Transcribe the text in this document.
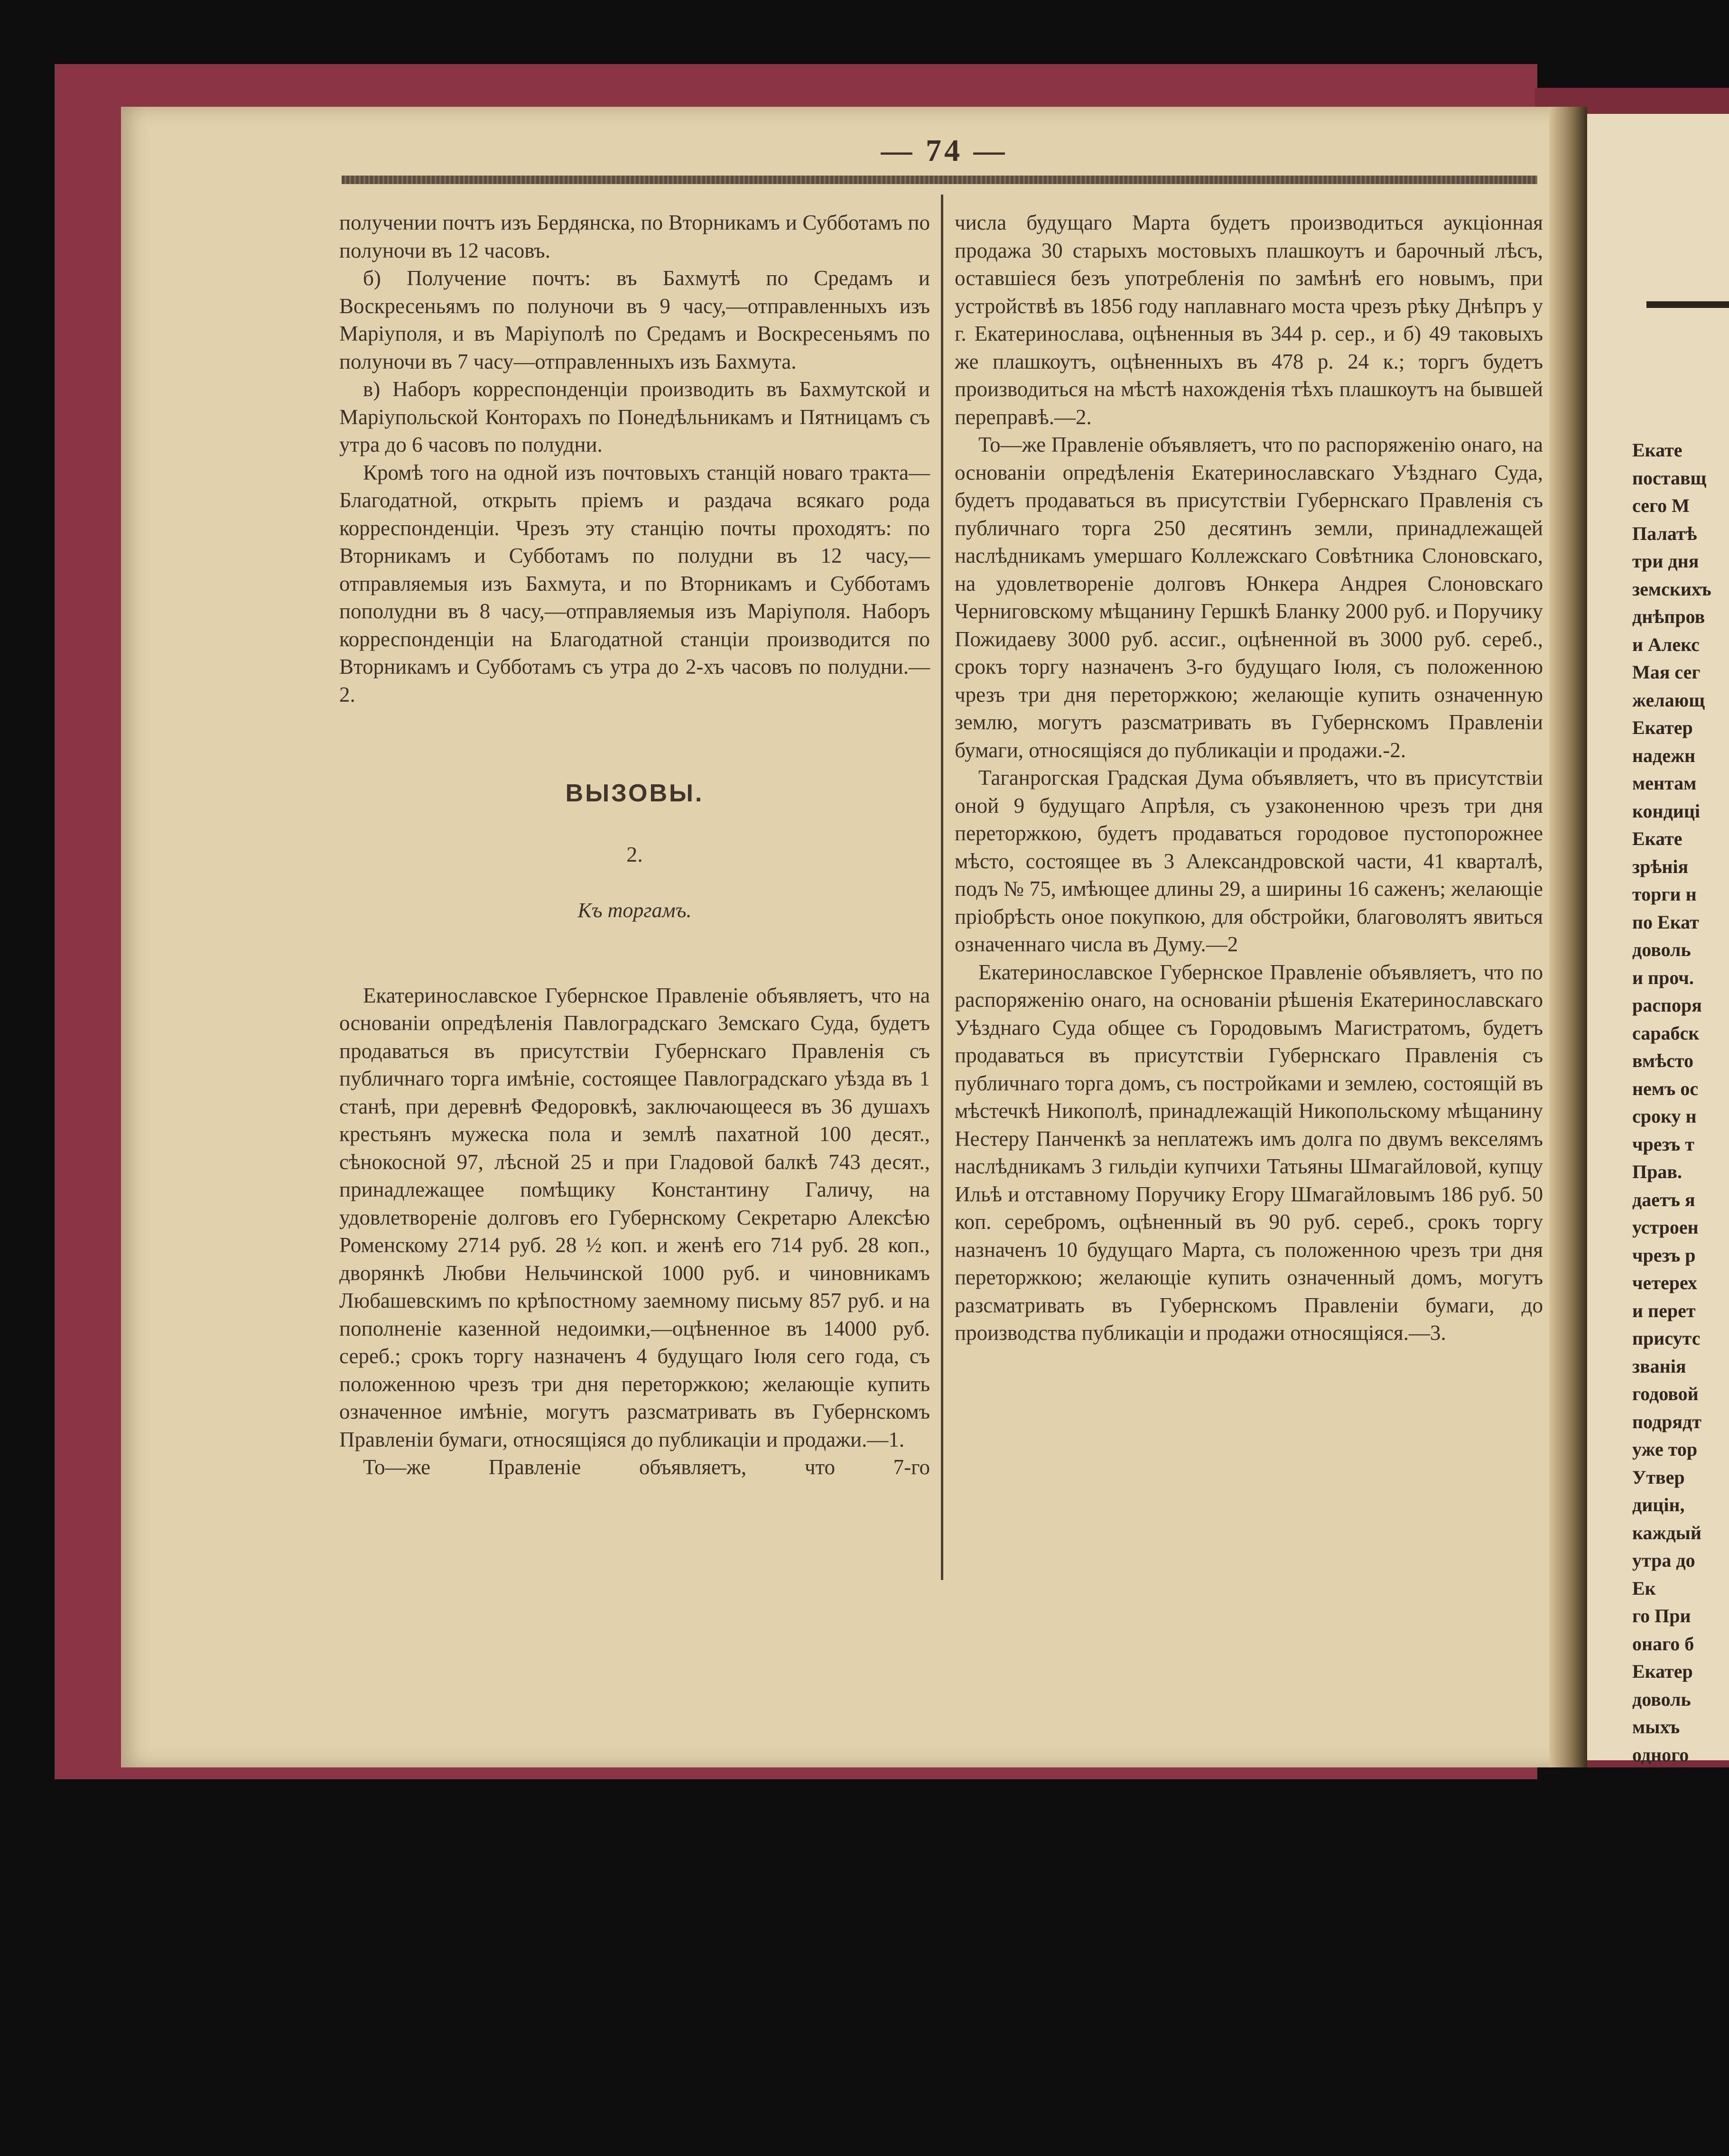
— 74 —

получении почтъ изъ Бердянска, по Вторникамъ и Субботамъ по полуночи въ 12 часовъ.

б) Получение почтъ: въ Бахмутѣ по Средамъ и Воскресеньямъ по полуночи въ 9 часу,—отправленныхъ изъ Маріуполя, и въ Маріуполѣ по Средамъ и Воскресеньямъ по полуночи въ 7 часу—отправленныхъ изъ Бахмута.

в) Наборъ корреспонденціи производить въ Бахмутской и Маріупольской Конторахъ по Понедѣльникамъ и Пятницамъ съ утра до 6 часовъ по полудни.

Кромѣ того на одной изъ почтовыхъ станцій новаго тракта—Благодатной, открыть пріемъ и раздача всякаго рода корреспонденціи. Чрезъ эту станцію почты проходятъ: по Вторникамъ и Субботамъ по полудни въ 12 часу,—отправляемыя изъ Бахмута, и по Вторникамъ и Субботамъ пополудни въ 8 часу,—отправляемыя изъ Маріуполя. Наборъ корреспонденціи на Благодатной станціи производится по Вторникамъ и Субботамъ съ утра до 2-хъ часовъ по полудни.—2.

ВЫЗОВЫ.
2.
Къ торгамъ.

Екатеринославское Губернское Правленіе объявляетъ, что на основаніи опредѣленія Павлоградскаго Земскаго Суда, будетъ продаваться въ присутствіи Губернскаго Правленія съ публичнаго торга имѣніе, состоящее Павлоградскаго уѣзда въ 1 станѣ, при деревнѣ Федоровкѣ, заключающееся въ 36 душахъ крестьянъ мужеска пола и землѣ пахатной 100 десят., сѣнокосной 97, лѣсной 25 и при Гладовой балкѣ 743 десят., принадлежащее помѣщику Константину Галичу, на удовлетвореніе долговъ его Губернскому Секретарю Алексѣю Роменскому 2714 руб. 28 ½ коп. и женѣ его 714 руб. 28 коп., дворянкѣ Любви Нельчинской 1000 руб. и чиновникамъ Любашевскимъ по крѣпостному заемному письму 857 руб. и на пополненіе казенной недоимки,—оцѣненное въ 14000 руб. сереб.; срокъ торгу назначенъ 4 будущаго Іюля сего года, съ положенною чрезъ три дня переторжкою; желающіе купить означенное имѣніе, могутъ разсматривать въ Губернскомъ Правленіи бумаги, относящіяся до публикаціи и продажи.—1.

То—же Правленіе объявляетъ, что 7-го

числа будущаго Марта будетъ производиться аукціонная продажа 30 старыхъ мостовыхъ плашкоутъ и барочный лѣсъ, оставшіеся безъ употребленія по замѣнѣ его новымъ, при устройствѣ въ 1856 году наплавнаго моста чрезъ рѣку Днѣпръ у г. Екатеринослава, оцѣненныя въ 344 р. сер., и б) 49 таковыхъ же плашкоутъ, оцѣненныхъ въ 478 р. 24 к.; торгъ будетъ производиться на мѣстѣ нахожденія тѣхъ плашкоутъ на бывшей переправѣ.—2.

То—же Правленіе объявляетъ, что по распоряженію онаго, на основаніи опредѣленія Екатеринославскаго Уѣзднаго Суда, будетъ продаваться въ присутствіи Губернскаго Правленія съ публичнаго торга 250 десятинъ земли, принадлежащей наслѣдникамъ умершаго Коллежскаго Совѣтника Слоновскаго, на удовлетвореніе долговъ Юнкера Андрея Слоновскаго Черниговскому мѣщанину Гершкѣ Бланку 2000 руб. и Поручику Пожидаеву 3000 руб. ассиг., оцѣненной въ 3000 руб. сереб., срокъ торгу назначенъ 3-го будущаго Іюля, съ положенною чрезъ три дня переторжкою; желающіе купить означенную землю, могутъ разсматривать въ Губернскомъ Правленіи бумаги, относящіяся до публикаціи и продажи.-2.

Таганрогская Градская Дума объявляетъ, что въ присутствіи оной 9 будущаго Апрѣля, съ узаконенною чрезъ три дня переторжкою, будетъ продаваться городовое пустопорожнее мѣсто, состоящее въ 3 Александровской части, 41 кварталѣ, подъ № 75, имѣющее длины 29, а ширины 16 саженъ; желающіе пріобрѣсть оное покупкою, для обстройки, благоволятъ явиться означеннаго числа въ Думу.—2

Екатеринославское Губернское Правленіе объявляетъ, что по распоряженію онаго, на основаніи рѣшенія Екатеринославскаго Уѣзднаго Суда общее съ Городовымъ Магистратомъ, будетъ продаваться въ присутствіи Губернскаго Правленія съ публичнаго торга домъ, съ постройками и землею, состоящій въ мѣстечкѣ Никополѣ, принадлежащій Никопольскому мѣщанину Нестеру Панченкѣ за неплатежъ имъ долга по двумъ векселямъ наслѣдникамъ 3 гильдіи купчихи Татьяны Шмагайловой, купцу Ильѣ и отставному Поручику Егору Шмагайловымъ 186 руб. 50 коп. серебромъ, оцѣненный въ 90 руб. сереб., срокъ торгу назначенъ 10 будущаго Марта, съ положенною чрезъ три дня переторжкою; желающіе купить означенный домъ, могутъ разсматривать въ Губернскомъ Правленіи бумаги, до производства публикаціи и продажи относящіяся.—3.

Екате
поставщ
сего М
Палатѣ
три дня
земскихъ
днѣпров
и Алекс
Мая сег
желающ
Екатер
надежн
ментам
кондиці
Екате
зрѣнія
торги н
по Екат
доволь
и проч.
распоря
сарабск
вмѣсто
немъ ос
сроку н
чрезъ т
Прав.
даетъ я
устроен
чрезъ р
четерех
и перет
присутс
званія
годовой
подрядт
уже тор
Утвер
дицін,
каждый
утра до
Ек
го При
онаго б
Екатер
доволь
мыхъ
одного
